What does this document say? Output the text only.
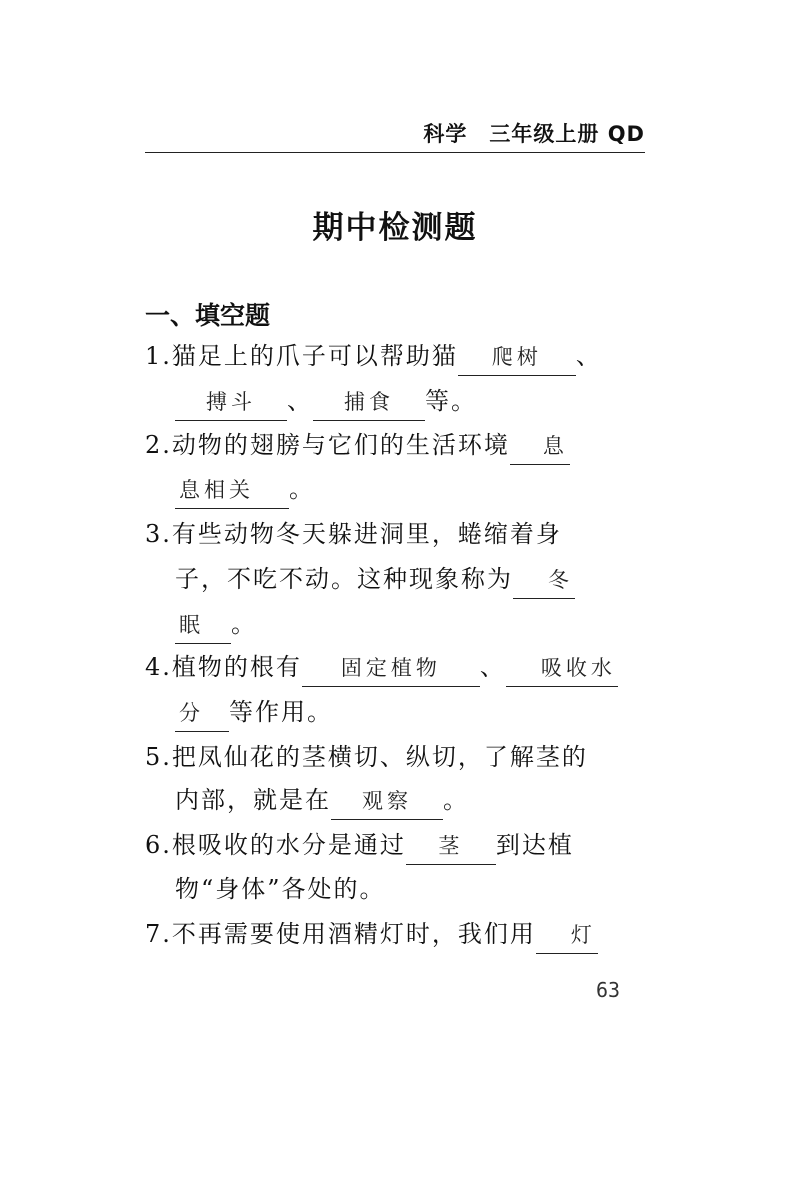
科学 三年级上册 QD
期中检测题
一、填空题
1.猫足上的爪子可以帮助猫 爬树 、
搏斗 、 捕食 等。
2.动物的翅膀与它们的生活环境 息
息相关 。
3.有些动物冬天躲进洞里，蜷缩着身
子，不吃不动。这种现象称为 冬
眠 。
4.植物的根有 固定植物 、 吸收水
分 等作用。
5.把凤仙花的茎横切、纵切，了解茎的
内部，就是在 观察 。
6.根吸收的水分是通过 茎 到达植
物“身体”各处的。
7.不再需要使用酒精灯时，我们用 灯
63
